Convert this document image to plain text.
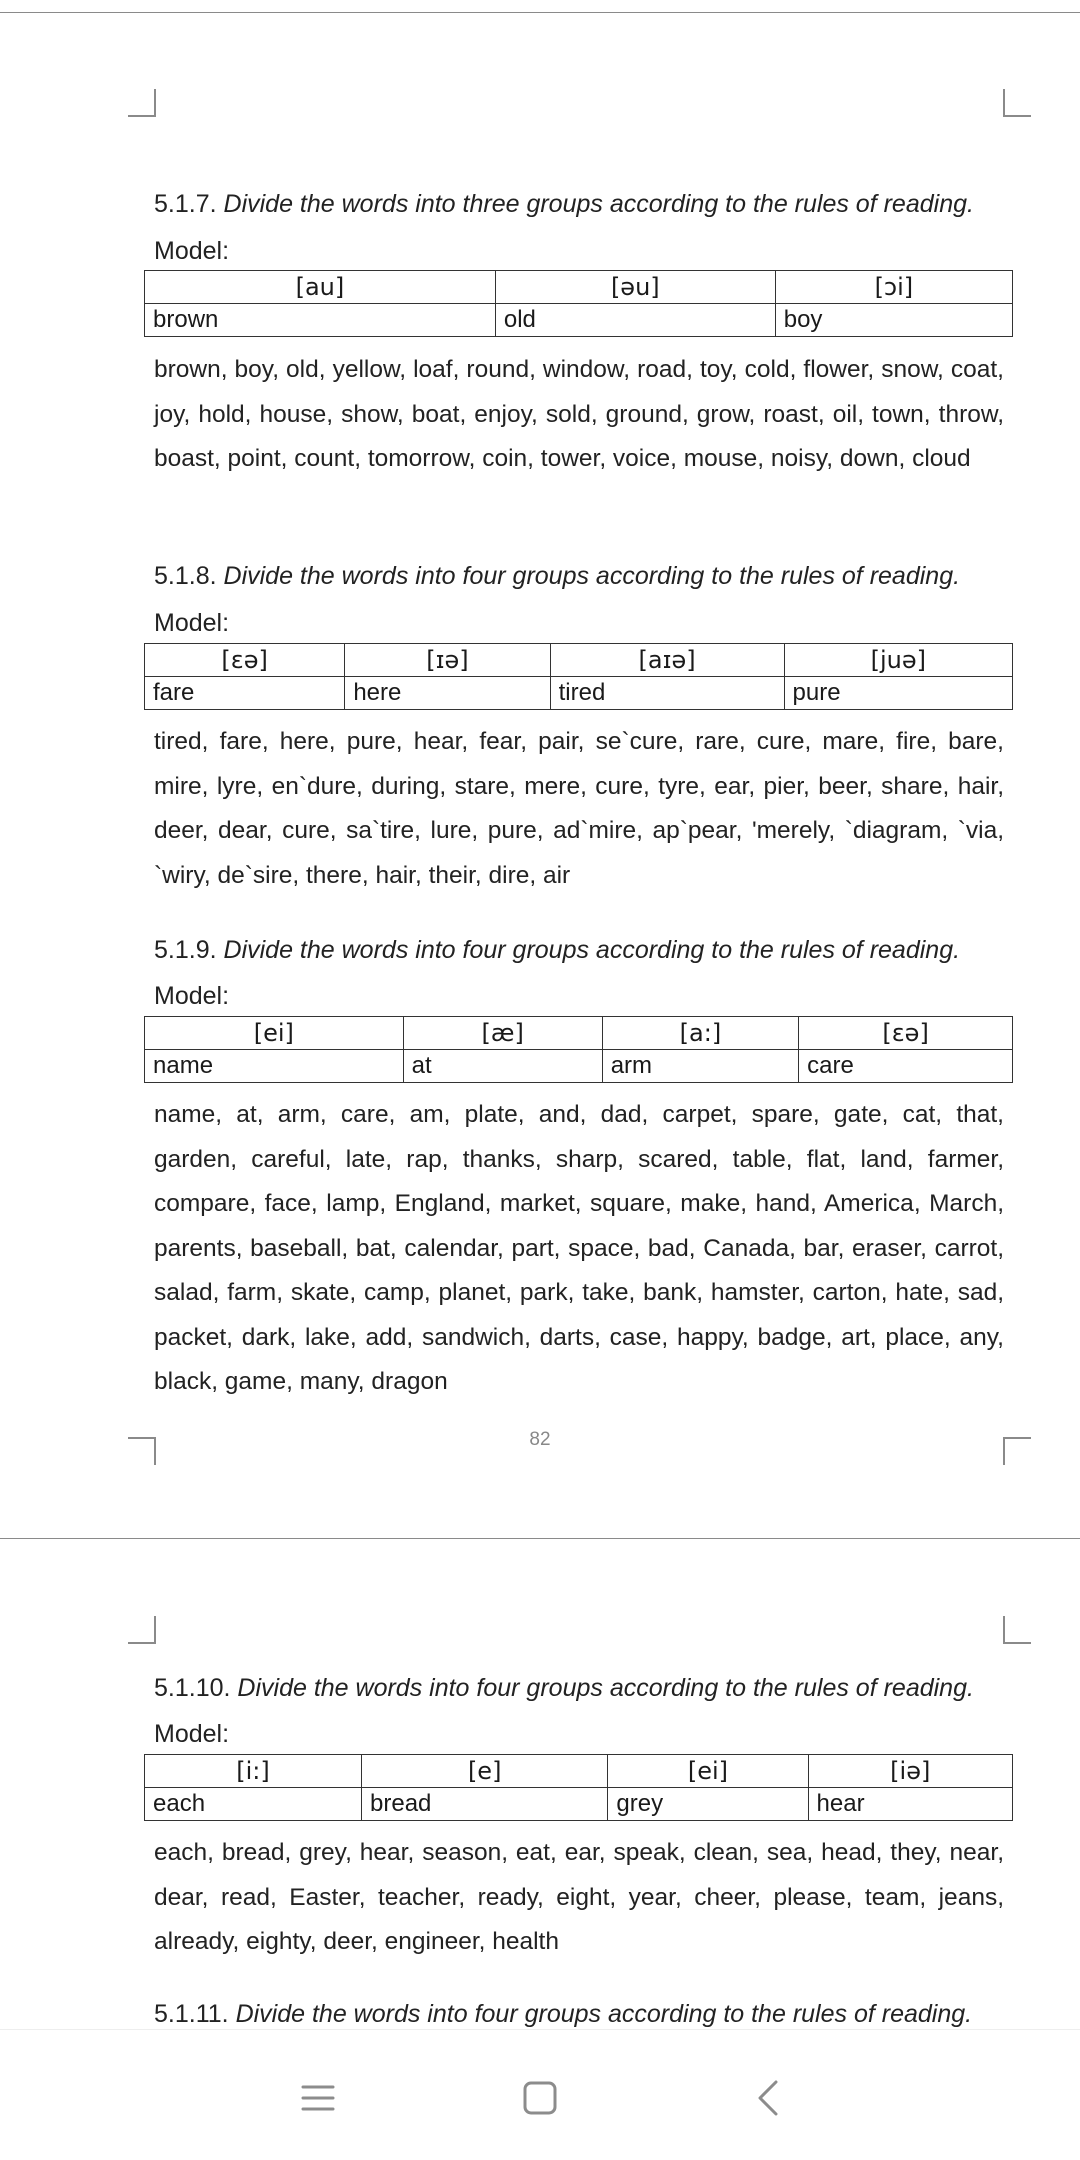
5.1.7. Divide the words into three groups according to the rules of reading.
Model:
[au]	[əu]	[ɔi]
brown	old	boy
brown, boy, old, yellow, loaf, round, window, road, toy, cold, flower, snow, coat, joy, hold, house, show, boat, enjoy, sold, ground, grow, roast, oil, town, throw, boast, point, count, tomorrow, coin, tower, voice, mouse, noisy, down, cloud
5.1.8. Divide the words into four groups according to the rules of reading.
Model:
[ɛə]	[ɪə]	[aɪə]	[juə]
fare	here	tired	pure
tired, fare, here, pure, hear, fear, pair, se`cure, rare, cure, mare, fire, bare, mire, lyre, en`dure, during, stare, mere, cure, tyre, ear, pier, beer, share, hair, deer, dear, cure, sa`tire, lure, pure, ad`mire, ap`pear, 'merely, `diagram, `via, `wiry, de`sire, there, hair, their, dire, air
5.1.9. Divide the words into four groups according to the rules of reading.
Model:
[ei]	[æ]	[a:]	[ɛə]
name	at	arm	care
name, at, arm, care, am, plate, and, dad, carpet, spare, gate, cat, that, garden, careful, late, rap, thanks, sharp, scared, table, flat, land, farmer, compare, face, lamp, England, market, square, make, hand, America, March, parents, baseball, bat, calendar, part, space, bad, Canada, bar, eraser, carrot, salad, farm, skate, camp, planet, park, take, bank, hamster, carton, hate, sad, packet, dark, lake, add, sandwich, darts, case, happy, badge, art, place, any, black, game, many, dragon
82
5.1.10. Divide the words into four groups according to the rules of reading.
Model:
[i:]	[e]	[ei]	[iə]
each	bread	grey	hear
each, bread, grey, hear, season, eat, ear, speak, clean, sea, head, they, near, dear, read, Easter, teacher, ready, eight, year, cheer, please, team, jeans, already, eighty, deer, engineer, health
5.1.11. Divide the words into four groups according to the rules of reading.
